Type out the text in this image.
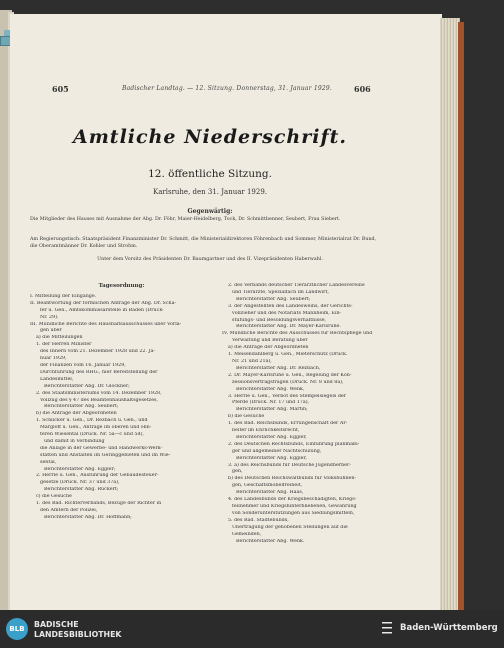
605	Badischer Landtag. — 12. Sitzung. Donnerstag, 31. Januar 1929.	606
Amtliche Niederschrift.
12. öffentliche Sitzung.
Karlsruhe, den 31. Januar 1929.
Gegenwärtig:
Die Mitglieder des Hauses mit Ausnahme der Abg. Dr. Föhr, Maier-Heidelberg, Tock, Dr. Schmittbenner, Seubert, Frau Siebert.
Am Regierungstisch: Staatspräsident Finanzminister Dr. Schmitt, die Ministerialdirektoren Föhrenbach und Sommer, Ministerialrat Dr. Bund, die Oberamtmänner Dr. Kohler und Strohm.
Unter dem Vorsitz des Präsidenten Dr. Baumgartner und des II. Vizepräsidenten Haberwahl.
Tagesordnung:
I. Mitteilung der Eingänge.
II. Beantwortung der förmlichen Anfrage der Abg. Dr. Schä-
fer u. Gen., Amtskommissarstelle in Baden (Druck-
Nr. 29).
III. Mündliche Berichte des Haushaltsausschusses über Vorla-
gen über
a) die Mitteilungen
1. der Herren Minister
des Innern vom 21. Dezember 1928 und 22. Ja-
nuar 1929,
der Finanzen vom 16. Januar 1929,
Durchführung des RHG., hier Bereitstellung der
Landesmittel,
Berichterstatter Abg. Dr. Glockner;
2. des Staatsministeriums vom 14. Dezember 1928,
Vollzug des § 47 des Beamtenhaushaltsgesetzes,
Berichterstatter Abg. Seubert;
b) die Anträge der Abgeordneten
1. Schlicker u. Gen., Dr. Rezbach u. Gen., und
Margloff u. Gen., Anträge im oberen und Hin-
teren Wiesental (Druck. Nr. 5a—c und 5d),
und damit in Verbindung
die Anlage in der Gewerbe- und Handwerks-Werk-
stätten und Anstalten im Geringgebieten und im Wie-
sental,
Berichterstatter Abg. Eggler;
2. Herrle u. Gen., Ausführung der Gebäudesteuer-
gesetze (Druck. Nr. 37 und 37a),
Berichterstatter Abg. Rückert;
c) die Gesuche
1. des Bad. Richterverbands, Bezüge der Richter in
den Ämtern der Polizei,
Berichterstatter Abg. Dr. Hoffmann;
2. des Verbands deutscher Tierärztlicher Landesvereine
und Tierärzte, Spezialfach im Landwirt,
Berichterstatter Abg. Seubert;
3. der Angestellten des Landesweins, der Gerichts-
vollzieher und des Notariats Mannheim, Ein-
stufungs- und Besoldungsverhältnisse,
Berichterstatter Abg. Dr. Mayer-Karlsruhe.
IV. Mündliche Berichte des Ausschusses für Rechtspflege und
Verwaltung und Beratung über
a) die Anträge der Abgeordneten
1. Meisendahlberg u. Gen., Mieterschutz (Druck.
Nr. 21 und 21a),
Berichterstatter Abg. Dr. Rezbach,
2. Dr. Mayer-Karlsruhe u. Gen., Regelung der Kon-
zessionsvertragsfragen (Druck. Nr. 8 und 8a),
Berichterstatter Abg. Wenk,
3. Herrle u. Gen., Verbot des Stempelsiegels der
Pferde (Druck. Nr. 17 und 17a),
Berichterstatter Abg. Martin;
b) die Gesuche
1. des Bad. Reichsbunds, Errungenschaft der Ar-
beiter im Ehrlichkeitsrecht,
Berichterstatter Abg. Eggler,
2. des Deutschen Rechtsbunds, Einführung planmäßi-
ger und allgemeiner Nachtschulung,
Berichterstatter Abg. Eggler,
3. a) des Reichsbunds für Deutsche Jugendherber-
gen,
b) des Deutschen Reichswaltbunds für Volksbühnen-
gen, Geschäftsmöbelfreiheit,
Berichterstatter Abg. Haas,
4. des Landesbunds der Kriegsbeschädigten, Kriegs-
teilnehmer und Kriegshinterbliebenen, Gewährung
von Sonderunterstützungen aus Siedlungsmitteln,
5. des Bad. Städtebunds,
Übertragung der gehobenen Stellungen auf die
Gemeinden,
Berichterstatter Abg. Wenk.
BLB BADISCHE
LANDESBIBLIOTHEK
Baden-Württemberg
